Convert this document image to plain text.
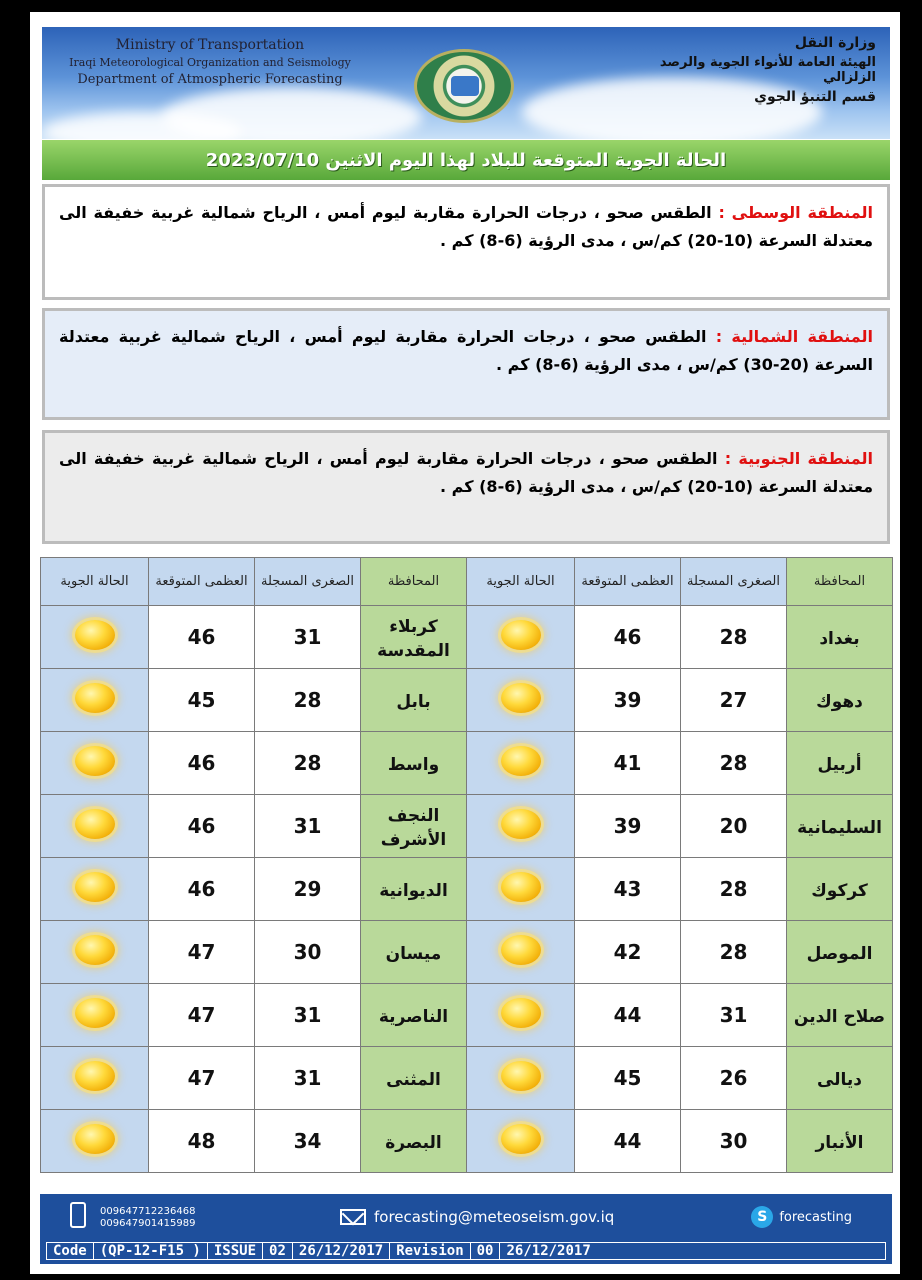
Ministry of Transportation
Iraqi Meteorological Organization and Seismology
Department of Atmospheric Forecasting
وزارة النقل
الهيئة العامة للأنواء الجوية والرصد الزلزالي
قسم التنبؤ الجوي
الحالة الجوية المتوقعة للبلاد لهذا اليوم الاثنين 2023/07/10
المنطقة الوسطى : الطقس صحو ، درجات الحرارة مقاربة ليوم أمس ، الرياح شمالية غربية خفيفة الى معتدلة السرعة (10-20) كم/س ، مدى الرؤية (6-8) كم .
المنطقة الشمالية : الطقس صحو ، درجات الحرارة مقاربة ليوم أمس ، الرياح شمالية غربية معتدلة السرعة (20-30) كم/س ، مدى الرؤية (6-8) كم .
المنطقة الجنوبية : الطقس صحو ، درجات الحرارة مقاربة ليوم أمس ، الرياح شمالية غربية خفيفة الى معتدلة السرعة (10-20) كم/س ، مدى الرؤية (6-8) كم .
المحافظة	الصغرى المسجلة	العظمى المتوقعة	الحالة الجوية	المحافظة	الصغرى المسجلة	العظمى المتوقعة	الحالة الجوية
بغداد	28	46		كربلاء المقدسة	31	46	
دهوك	27	39		بابل	28	45	
أربيل	28	41		واسط	28	46	
السليمانية	20	39		النجف الأشرف	31	46	
كركوك	28	43		الديوانية	29	46	
الموصل	28	42		ميسان	30	47	
صلاح الدين	31	44		الناصرية	31	47	
ديالى	26	45		المثنى	31	47	
الأنبار	30	44		البصرة	34	48	
009647712236468
009647901415989	forecasting@meteoseism.gov.iq	S forecasting
Code (QP-12-F15 ) ISSUE 02 26/12/2017 Revision 00 26/12/2017
